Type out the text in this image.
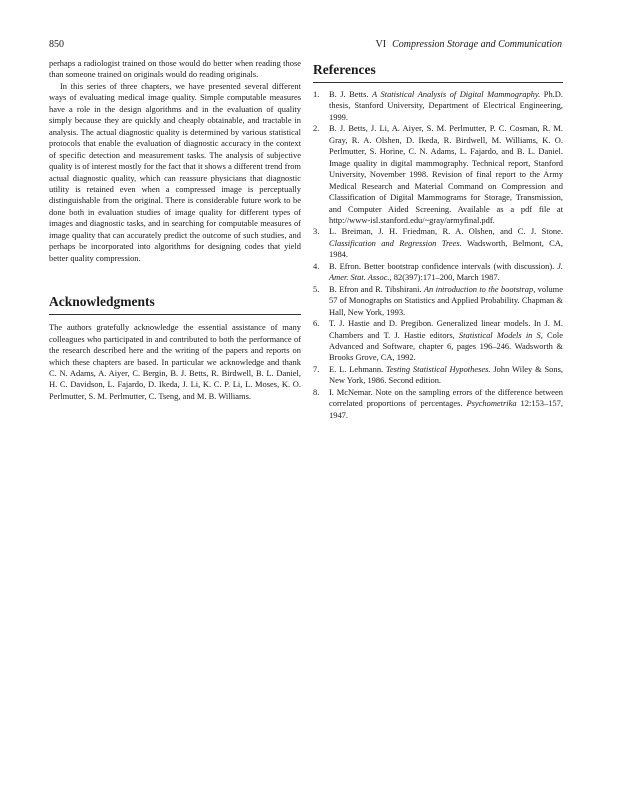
850	VI Compression Storage and Communication

perhaps a radiologist trained on those would do better when reading those than someone trained on originals would do reading originals.

In this series of three chapters, we have presented several different ways of evaluating medical image quality. Simple computable measures have a role in the design algorithms and in the evaluation of quality simply because they are quickly and cheaply obtainable, and tractable in analysis. The actual diagnostic quality is determined by various statistical protocols that enable the evaluation of diagnostic accuracy in the context of specific detection and measurement tasks. The analysis of subjective quality is of interest mostly for the fact that it shows a different trend from actual diagnostic quality, which can reassure physicians that diagnostic utility is retained even when a compressed image is perceptually distinguishable from the original. There is considerable future work to be done both in evaluation studies of image quality for different types of images and diagnostic tasks, and in searching for computable measures of image quality that can accurately predict the outcome of such studies, and perhaps be incorporated into algorithms for designing codes that yield better quality compression.

Acknowledgments

The authors gratefully acknowledge the essential assistance of many colleagues who participated in and contributed to both the performance of the research described here and the writing of the papers and reports on which these chapters are based. In particular we acknowledge and thank C. N. Adams, A. Aiyer, C. Bergin, B. J. Betts, R. Birdwell, B. L. Daniel, H. C. Davidson, L. Fajardo, D. Ikeda, J. Li, K. C. P. Li, L. Moses, K. O. Perlmutter, S. M. Perlmutter, C. Tseng, and M. B. Williams.

References
1. B. J. Betts. A Statistical Analysis of Digital Mammography. Ph.D. thesis, Stanford University, Department of Electrical Engineering, 1999.
2. B. J. Betts, J. Li, A. Aiyer, S. M. Perlmutter, P. C. Cosman, R. M. Gray, R. A. Olshen, D. Ikeda, R. Birdwell, M. Williams, K. O. Perlmutter, S. Horine, C. N. Adams, L. Fajardo, and B. L. Daniel. Image quality in digital mammography. Technical report, Stanford University, November 1998. Revision of final report to the Army Medical Research and Material Command on Compression and Classification of Digital Mammograms for Storage, Transmission, and Computer Aided Screening. Available as a pdf file at http://www-isl.stanford.edu/~gray/armyfinal.pdf.
3. L. Breiman, J. H. Friedman, R. A. Olshen, and C. J. Stone. Classification and Regression Trees. Wadsworth, Belmont, CA, 1984.
4. B. Efron. Better bootstrap confidence intervals (with discussion). J. Amer. Stat. Assoc., 82(397):171–200, March 1987.
5. B. Efron and R. Tibshirani. An introduction to the bootstrap, volume 57 of Monographs on Statistics and Applied Probability. Chapman & Hall, New York, 1993.
6. T. J. Hastie and D. Pregibon. Generalized linear models. In J. M. Chambers and T. J. Hastie editors, Statistical Models in S, Cole Advanced and Software, chapter 6, pages 196–246. Wadsworth & Brooks Grove, CA, 1992.
7. E. L. Lehmann. Testing Statistical Hypotheses. John Wiley & Sons, New York, 1986. Second edition.
8. I. McNemar. Note on the sampling errors of the difference between correlated proportions of percentages. Psychometrika 12:153–157, 1947.
